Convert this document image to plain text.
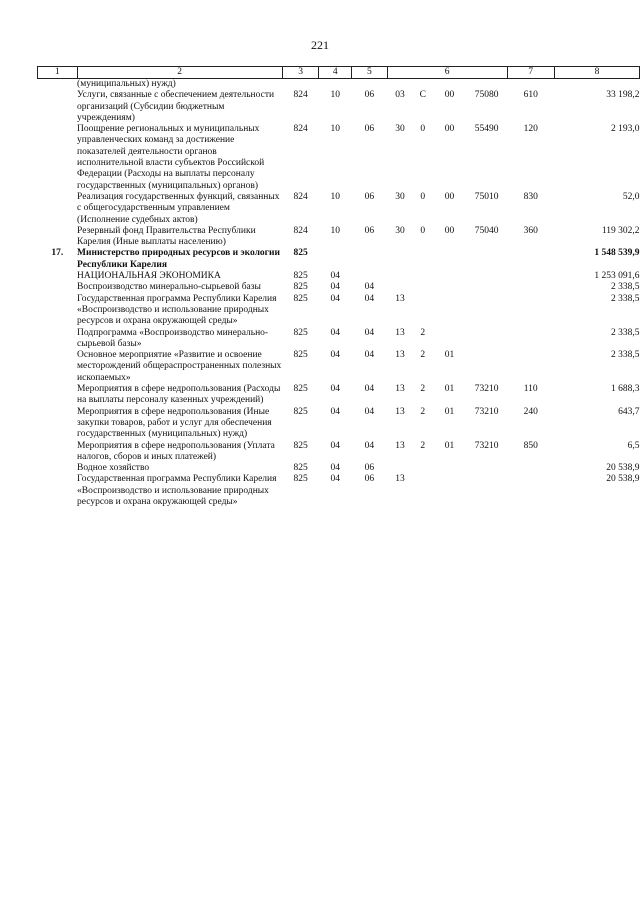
221
1	2	3	4	5	6				7	8
	(муниципальных) нужд)									
	Услуги, связанные с обеспечением деятельности организаций (Субсидии бюджетным учреждениям)	824	10	06	03	С	00	75080	610	33 198,2
	Поощрение региональных и муниципальных управленческих команд за достижение показателей деятельности органов исполнительной власти субъектов Российской Федерации (Расходы на выплаты персоналу государственных (муниципальных) органов)	824	10	06	30	0	00	55490	120	2 193,0
	Реализация государственных функций, связанных с общегосударственным управлением (Исполнение судебных актов)	824	10	06	30	0	00	75010	830	52,0
	Резервный фонд Правительства Республики Карелия (Иные выплаты населению)	824	10	06	30	0	00	75040	360	119 302,2
17.	Министерство природных ресурсов и экологии Республики Карелия	825								1 548 539,9
	НАЦИОНАЛЬНАЯ ЭКОНОМИКА	825	04							1 253 091,6
	Воспроизводство минерально-сырьевой базы	825	04	04						2 338,5
	Государственная программа Республики Карелия «Воспроизводство и использование природных ресурсов и охрана окружающей среды»	825	04	04	13					2 338,5
	Подпрограмма «Воспроизводство минерально-сырьевой базы»	825	04	04	13	2				2 338,5
	Основное мероприятие «Развитие и освоение месторождений общераспространенных полезных ископаемых»	825	04	04	13	2	01			2 338,5
	Мероприятия в сфере недропользования (Расходы на выплаты персоналу казенных учреждений)	825	04	04	13	2	01	73210	110	1 688,3
	Мероприятия в сфере недропользования (Иные закупки товаров, работ и услуг для обеспечения государственных (муниципальных) нужд)	825	04	04	13	2	01	73210	240	643,7
	Мероприятия в сфере недропользования (Уплата налогов, сборов и иных платежей)	825	04	04	13	2	01	73210	850	6,5
	Водное хозяйство	825	04	06						20 538,9
	Государственная программа Республики Карелия «Воспроизводство и использование природных ресурсов и охрана окружающей среды»	825	04	06	13					20 538,9
